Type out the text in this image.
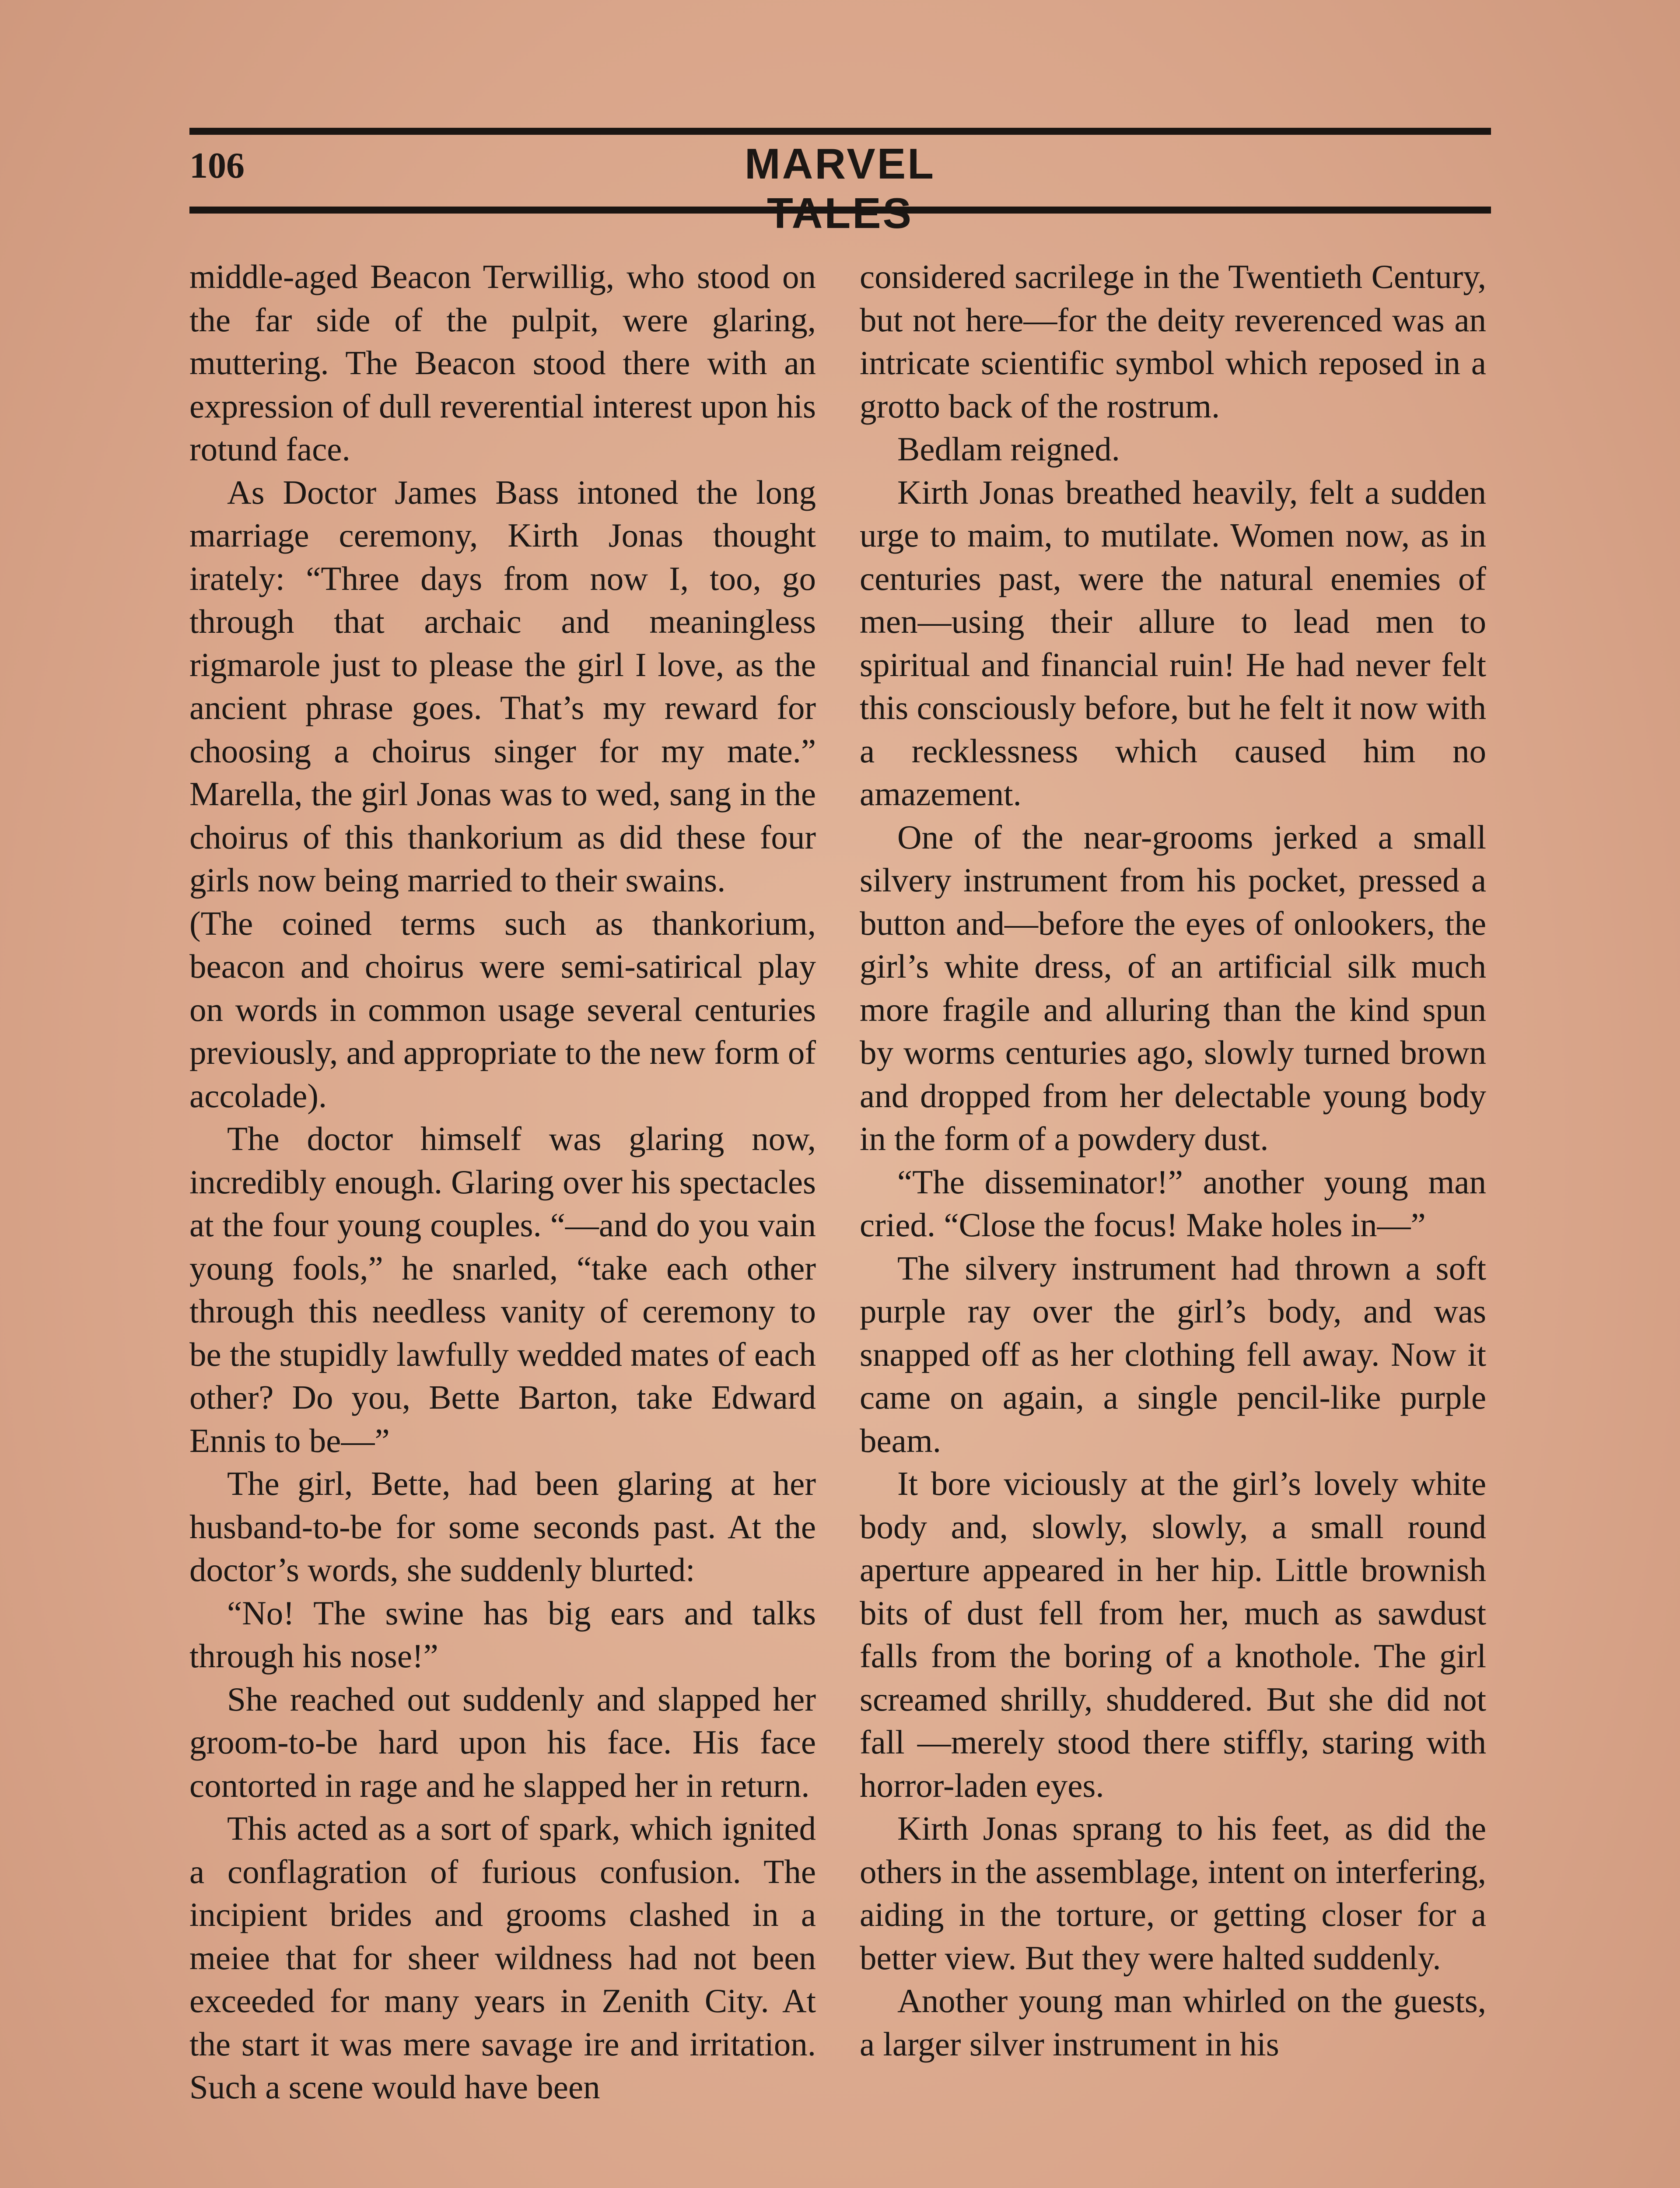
106	MARVEL

middle-aged Beacon Terwillig, who stood on the far side of the pulpit, were glaring, muttering. The Beacon stood there with an expression of dull reverential interest upon his rotund face.

As Doctor James Bass intoned the long marriage ceremony, Kirth Jonas thought irately: “Three days from now I, too, go through that archaic and meaningless rigmarole just to please the girl I love, as the ancient phrase goes. That’s my reward for choosing a choirus singer for my mate.” Marella, the girl Jonas was to wed, sang in the choirus of this thankorium as did these four girls now being married to their swains.

(The coined terms such as thankorium, beacon and choirus were semi-satirical play on words in common usage several centuries previously, and appropriate to the new form of accolade).

The doctor himself was glaring now, incredibly enough. Glaring over his spectacles at the four young couples. “—and do you vain young fools,” he snarled, “take each other through this needless vanity of ceremony to be the stupidly lawfully wedded mates of each other? Do you, Bette Barton, take Edward Ennis to be—”

The girl, Bette, had been glaring at her husband-to-be for some seconds past. At the doctor’s words, she suddenly blurted:

“No! The swine has big ears and talks through his nose!”

She reached out suddenly and slapped her groom-to-be hard upon his face. His face contorted in rage and he slapped her in return.

This acted as a sort of spark, which ignited a conflagration of furious confusion. The incipient brides and grooms clashed in a meiee that for sheer wildness had not been exceeded for many years in Zenith City. At the start it was mere savage ire and irritation. Such a scene would have been

considered sacrilege in the Twentieth Century, but not here—for the deity reverenced was an intricate scientific symbol which reposed in a grotto back of the rostrum.

Bedlam reigned.

Kirth Jonas breathed heavily, felt a sudden urge to maim, to mutilate. Women now, as in centuries past, were the natural enemies of men—using their allure to lead men to spiritual and financial ruin! He had never felt this consciously before, but he felt it now with a recklessness which caused him no amazement.

One of the near-grooms jerked a small silvery instrument from his pocket, pressed a button and—before the eyes of onlookers, the girl’s white dress, of an artificial silk much more fragile and alluring than the kind spun by worms centuries ago, slowly turned brown and dropped from her delectable young body in the form of a powdery dust.

“The disseminator!” another young man cried. “Close the focus! Make holes in—”

The silvery instrument had thrown a soft purple ray over the girl’s body, and was snapped off as her clothing fell away. Now it came on again, a single pencil-like purple beam.

It bore viciously at the girl’s lovely white body and, slowly, slowly, a small round aperture appeared in her hip. Little brownish bits of dust fell from her, much as sawdust falls from the boring of a knothole. The girl screamed shrilly, shuddered. But she did not fall —merely stood there stiffly, staring with horror-laden eyes.

Kirth Jonas sprang to his feet, as did the others in the assemblage, intent on interfering, aiding in the torture, or getting closer for a better view. But they were halted suddenly.

Another young man whirled on the guests, a larger silver instrument in his
